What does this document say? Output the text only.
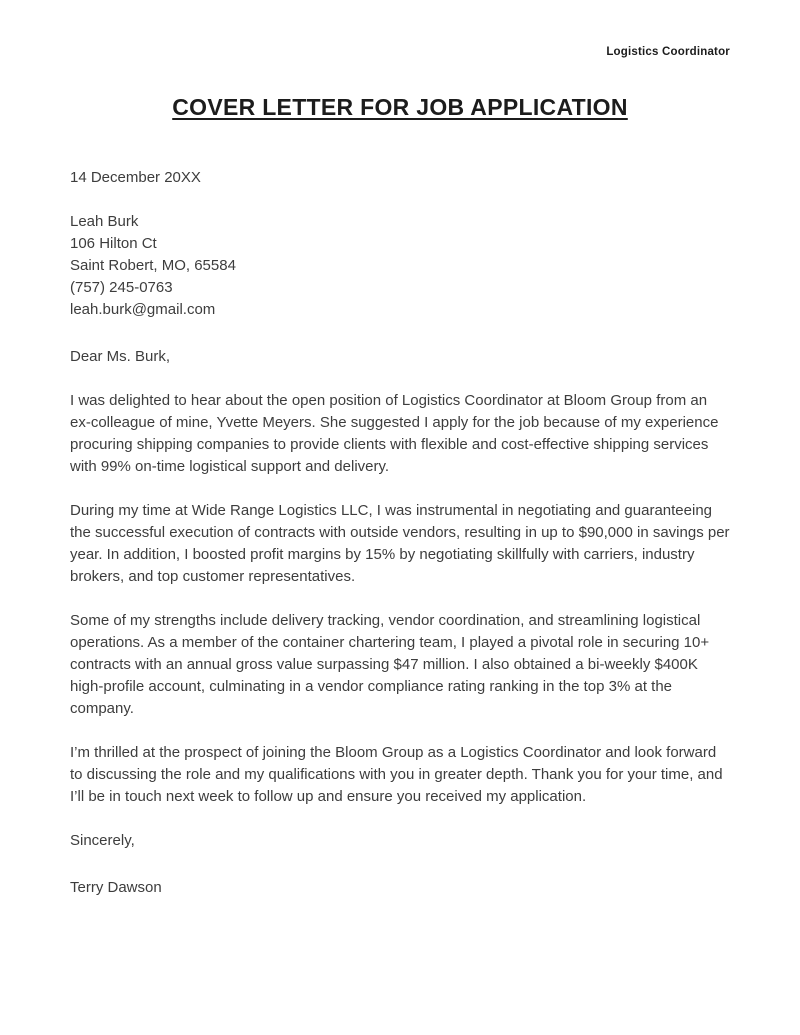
Logistics Coordinator
COVER LETTER FOR JOB APPLICATION
14 December 20XX
Leah Burk
106 Hilton Ct
Saint Robert, MO, 65584
(757) 245-0763
leah.burk@gmail.com
Dear Ms. Burk,

I was delighted to hear about the open position of Logistics Coordinator at Bloom Group from an ex-colleague of mine, Yvette Meyers. She suggested I apply for the job because of my experience procuring shipping companies to provide clients with flexible and cost-effective shipping services with 99% on-time logistical support and delivery.

During my time at Wide Range Logistics LLC, I was instrumental in negotiating and guaranteeing the successful execution of contracts with outside vendors, resulting in up to $90,000 in savings per year. In addition, I boosted profit margins by 15% by negotiating skillfully with carriers, industry brokers, and top customer representatives.

Some of my strengths include delivery tracking, vendor coordination, and streamlining logistical operations. As a member of the container chartering team, I played a pivotal role in securing 10+ contracts with an annual gross value surpassing $47 million. I also obtained a bi-weekly $400K high-profile account, culminating in a vendor compliance rating ranking in the top 3% at the company.

I’m thrilled at the prospect of joining the Bloom Group as a Logistics Coordinator and look forward to discussing the role and my qualifications with you in greater depth. Thank you for your time, and I’ll be in touch next week to follow up and ensure you received my application.

Sincerely,
Terry Dawson
